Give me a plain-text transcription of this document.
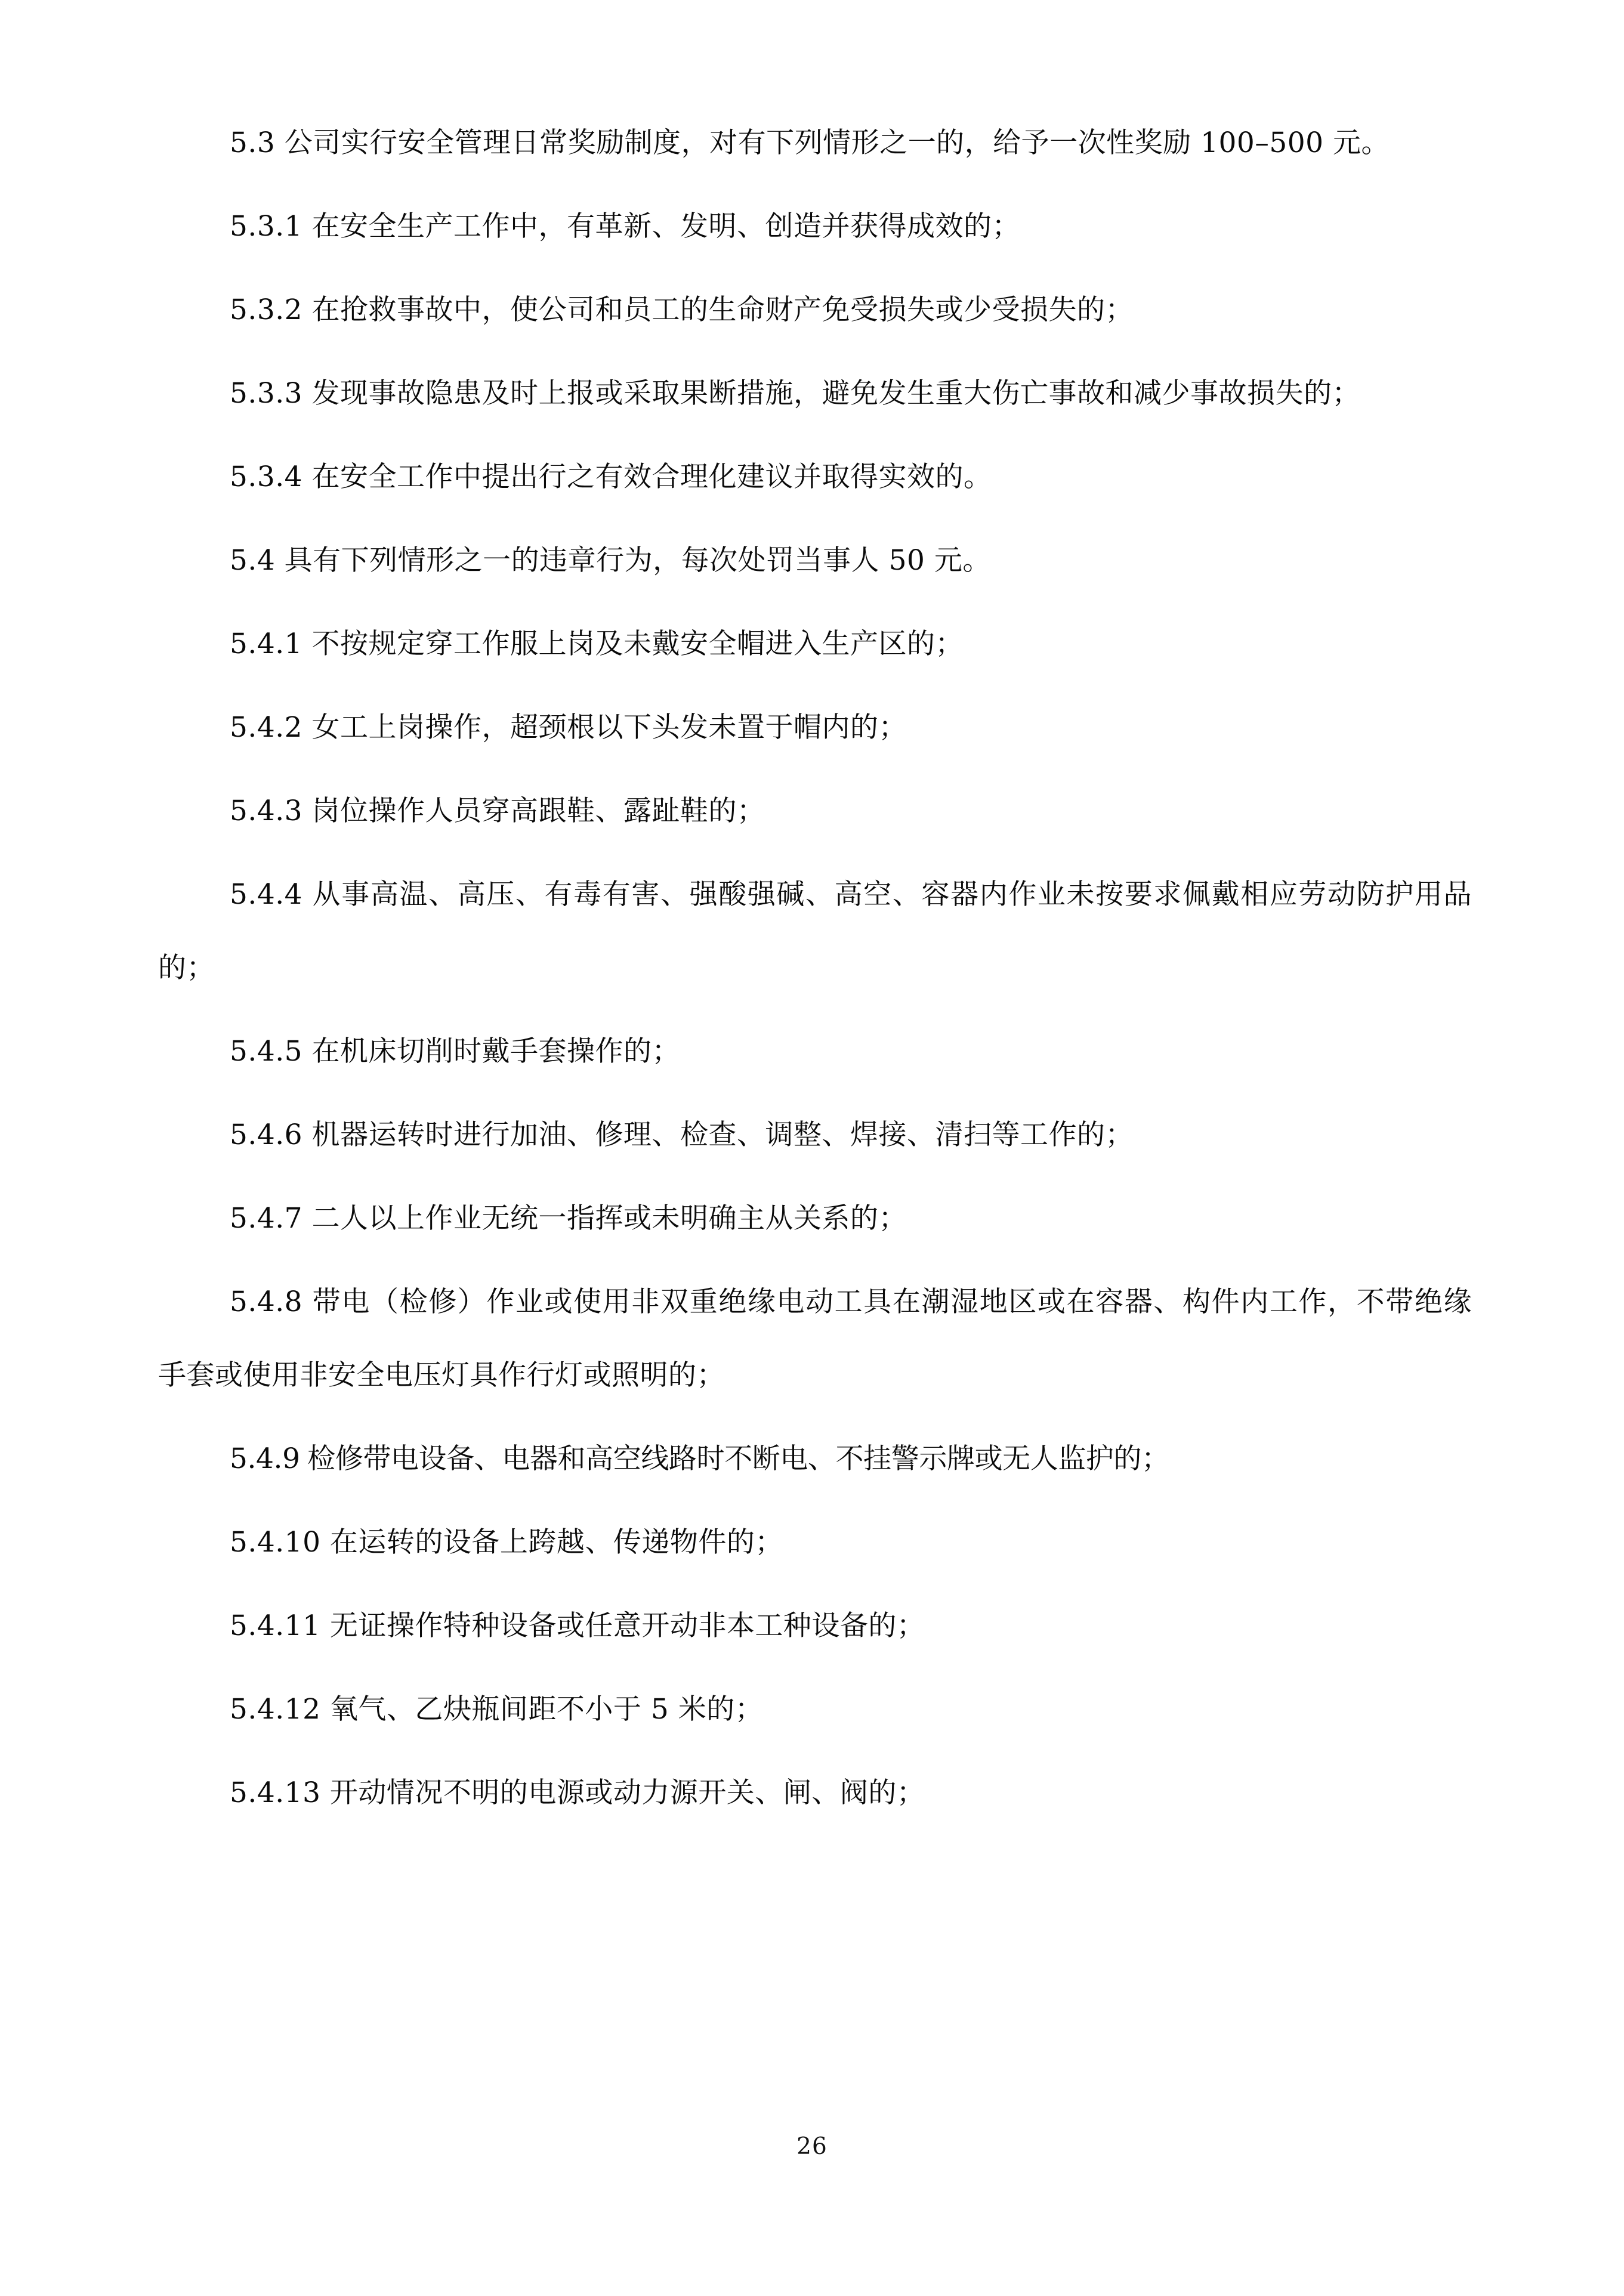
5.3 公司实行安全管理日常奖励制度，对有下列情形之一的，给予一次性奖励 100–500 元。

5.3.1 在安全生产工作中，有革新、发明、创造并获得成效的；

5.3.2 在抢救事故中，使公司和员工的生命财产免受损失或少受损失的；

5.3.3 发现事故隐患及时上报或采取果断措施，避免发生重大伤亡事故和减少事故损失的；

5.3.4 在安全工作中提出行之有效合理化建议并取得实效的。

5.4 具有下列情形之一的违章行为，每次处罚当事人 50 元。

5.4.1 不按规定穿工作服上岗及未戴安全帽进入生产区的；

5.4.2 女工上岗操作，超颈根以下头发未置于帽内的；

5.4.3 岗位操作人员穿高跟鞋、露趾鞋的；

5.4.4 从事高温、高压、有毒有害、强酸强碱、高空、容器内作业未按要求佩戴相应劳动防护用品的；

5.4.5 在机床切削时戴手套操作的；

5.4.6 机器运转时进行加油、修理、检查、调整、焊接、清扫等工作的；

5.4.7 二人以上作业无统一指挥或未明确主从关系的；

5.4.8 带电（检修）作业或使用非双重绝缘电动工具在潮湿地区或在容器、构件内工作，不带绝缘手套或使用非安全电压灯具作行灯或照明的；

5.4.9 检修带电设备、电器和高空线路时不断电、不挂警示牌或无人监护的；

5.4.10 在运转的设备上跨越、传递物件的；

5.4.11 无证操作特种设备或任意开动非本工种设备的；

5.4.12 氧气、乙炔瓶间距不小于 5 米的；

5.4.13 开动情况不明的电源或动力源开关、闸、阀的；

26
